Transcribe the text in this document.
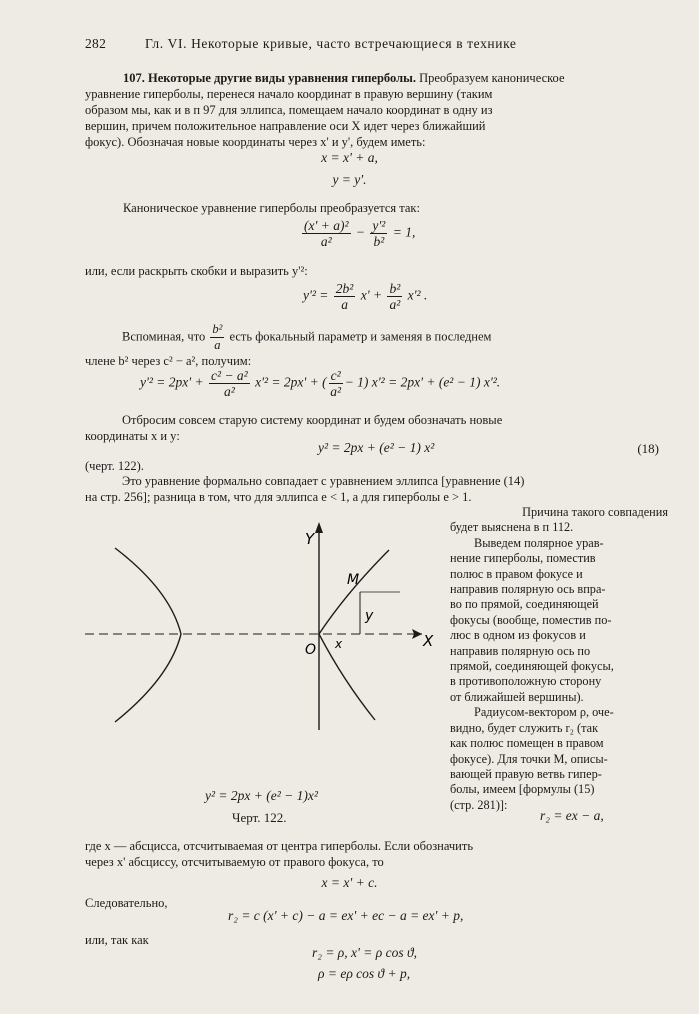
282	Гл. VI. Некоторые кривые, часто встречающиеся в технике
107. Некоторые другие виды уравнения гиперболы. Преобразуем каноническое
уравнение гиперболы, перенеся начало координат в правую вершину (таким
образом мы, как и в п 97 для эллипса, помещаем начало координат в одну из
вершин, причем положительное направление оси X идет через ближайший
фокус). Обозначая новые координаты через x' и y', будем иметь:
x = x' + a,
y = y'.
Каноническое уравнение гиперболы преобразуется так:
$\frac{\text{(x' + a)²}}{\text{a²}} - \frac{\text{y'²}}{\text{b²}} = 1$,
или, если раскрыть скобки и выразить y'²:
$y'^2 = \frac{\text{2b²}}{a} x' + \frac{\text{b²}}{\text{a²}} x'^2$ .
Вспоминая, что $\frac{\text{b²}}{a}$ есть фокальный параметр и заменяя в последнем
члене b² через c² − a², получим:
$y'^2 = 2px' + \frac{\text{c² − a²}}{\text{a²}} x'^2 = 2px'$ + ( $\frac{\text{c²}}{\text{a²}} - 1$) x'² = 2px' + (e² − 1) x'².
Отбросим совсем старую систему координат и будем обозначать новые
координаты x и y:
y² = 2px + (e² − 1) x²	(18)
(черт. 122).
Это уравнение формально совпадает с уравнением эллипса [уравнение (14)
на стр. 256]; разница в том, что для эллипса e < 1, а для гиперболы e > 1.
Причина такого совпадения
будет выяснена в п 112.
Выведем полярное урав-
нение гиперболы, поместив
полюс в правом фокусе и
направив полярную ось впра-
во по прямой, соединяющей
фокусы (вообще, поместив по-
люс в одном из фокусов и
направив полярную ось по
прямой, соединяющей фокусы,
в противоположную сторону
от ближайшей вершины).
Радиусом-вектором ρ, оче-
видно, будет служить r₂ (так
как полюс помещен в правом
фокусе). Для точки M, описы-
вающей правую ветвь гипер-
болы, имеем [формулы (15)
(стр. 281)]:
r₂ = ex − a,
Y
X
O
M
x
y
y² = 2px + (e² − 1)x²
Черт. 122.
где x — абсцисса, отсчитываемая от центра гиперболы. Если обозначить
через x' абсциссу, отсчитываемую от правого фокуса, то
x = x' + c.
Следовательно,
r₂ = c (x' + c) − a = ex' + ec − a = ex' + p,
или, так как
r₂ = ρ, x' = ρ cos ϑ,
ρ = eρ cos ϑ + p,
